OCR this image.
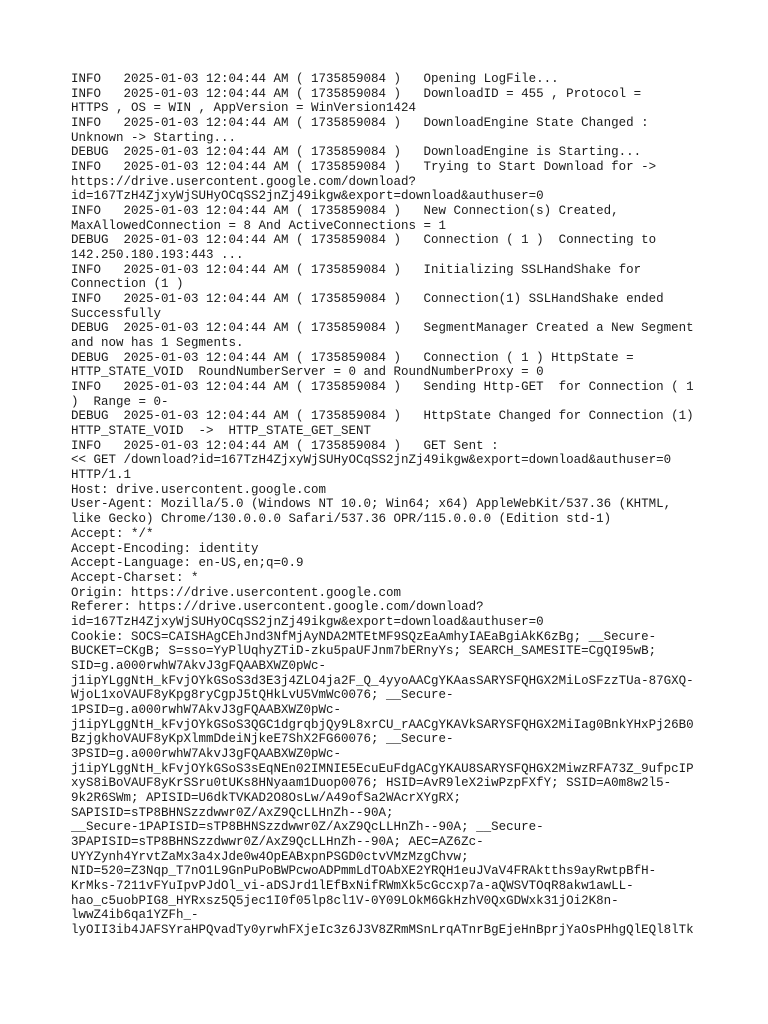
INFO   2025-01-03 12:04:44 AM ( 1735859084 )   Opening LogFile...
INFO   2025-01-03 12:04:44 AM ( 1735859084 )   DownloadID = 455 , Protocol =
HTTPS , OS = WIN , AppVersion = WinVersion1424
INFO   2025-01-03 12:04:44 AM ( 1735859084 )   DownloadEngine State Changed :
Unknown -> Starting...
DEBUG  2025-01-03 12:04:44 AM ( 1735859084 )   DownloadEngine is Starting...
INFO   2025-01-03 12:04:44 AM ( 1735859084 )   Trying to Start Download for ->
https://drive.usercontent.google.com/download?
id=167TzH4ZjxyWjSUHyOCqSS2jnZj49ikgw&export=download&authuser=0
INFO   2025-01-03 12:04:44 AM ( 1735859084 )   New Connection(s) Created,
MaxAllowedConnection = 8 And ActiveConnections = 1
DEBUG  2025-01-03 12:04:44 AM ( 1735859084 )   Connection ( 1 )  Connecting to
142.250.180.193:443 ...
INFO   2025-01-03 12:04:44 AM ( 1735859084 )   Initializing SSLHandShake for
Connection (1 )
INFO   2025-01-03 12:04:44 AM ( 1735859084 )   Connection(1) SSLHandShake ended
Successfully
DEBUG  2025-01-03 12:04:44 AM ( 1735859084 )   SegmentManager Created a New Segment
and now has 1 Segments.
DEBUG  2025-01-03 12:04:44 AM ( 1735859084 )   Connection ( 1 ) HttpState =
HTTP_STATE_VOID  RoundNumberServer = 0 and RoundNumberProxy = 0
INFO   2025-01-03 12:04:44 AM ( 1735859084 )   Sending Http-GET  for Connection ( 1
)  Range = 0-
DEBUG  2025-01-03 12:04:44 AM ( 1735859084 )   HttpState Changed for Connection (1)
HTTP_STATE_VOID  ->  HTTP_STATE_GET_SENT
INFO   2025-01-03 12:04:44 AM ( 1735859084 )   GET Sent :
<< GET /download?id=167TzH4ZjxyWjSUHyOCqSS2jnZj49ikgw&export=download&authuser=0
HTTP/1.1
Host: drive.usercontent.google.com
User-Agent: Mozilla/5.0 (Windows NT 10.0; Win64; x64) AppleWebKit/537.36 (KHTML,
like Gecko) Chrome/130.0.0.0 Safari/537.36 OPR/115.0.0.0 (Edition std-1)
Accept: */*
Accept-Encoding: identity
Accept-Language: en-US,en;q=0.9
Accept-Charset: *
Origin: https://drive.usercontent.google.com
Referer: https://drive.usercontent.google.com/download?
id=167TzH4ZjxyWjSUHyOCqSS2jnZj49ikgw&export=download&authuser=0
Cookie: SOCS=CAISHAgCEhJnd3NfMjAyNDA2MTEtMF9SQzEaAmhyIAEaBgiAkK6zBg; __Secure-
BUCKET=CKgB; S=sso=YyPlUqhyZTiD-zku5paUFJnm7bERnyYs; SEARCH_SAMESITE=CgQI95wB;
SID=g.a000rwhW7AkvJ3gFQAABXWZ0pWc-
j1ipYLggNtH_kFvjOYkGSoS3d3E3j4ZLO4ja2F_Q_4yyoAACgYKAasSARYSFQHGX2MiLoSFzzTUa-87GXQ-
WjoL1xoVAUF8yKpg8ryCgpJ5tQHkLvU5VmWc0076; __Secure-
1PSID=g.a000rwhW7AkvJ3gFQAABXWZ0pWc-
j1ipYLggNtH_kFvjOYkGSoS3QGC1dgrqbjQy9L8xrCU_rAACgYKAVkSARYSFQHGX2MiIag0BnkYHxPj26B0
BzjgkhoVAUF8yKpXlmmDdeiNjkeE7ShX2FG60076; __Secure-
3PSID=g.a000rwhW7AkvJ3gFQAABXWZ0pWc-
j1ipYLggNtH_kFvjOYkGSoS3sEqNEn02IMNIE5EcuEuFdgACgYKAU8SARYSFQHGX2MiwzRFA73Z_9ufpcIP
xyS8iBoVAUF8yKrSSru0tUKs8HNyaam1Duop0076; HSID=AvR9leX2iwPzpFXfY; SSID=A0m8w2l5-
9k2R6SWm; APISID=U6dkTVKAD2O8OsLw/A49ofSa2WAcrXYgRX;
SAPISID=sTP8BHNSzzdwwr0Z/AxZ9QcLLHnZh--90A;
__Secure-1PAPISID=sTP8BHNSzzdwwr0Z/AxZ9QcLLHnZh--90A; __Secure-
3PAPISID=sTP8BHNSzzdwwr0Z/AxZ9QcLLHnZh--90A; AEC=AZ6Zc-
UYYZynh4YrvtZaMx3a4xJde0w4OpEABxpnPSGD0ctvVMzMzgChvw;
NID=520=Z3Nqp_T7nO1L9GnPuPoBWPcwoADPmmLdTOAbXE2YRQH1euJVaV4FRAktths9ayRwtpBfH-
KrMks-7211vFYuIpvPJdOl_vi-aDSJrd1lEfBxNifRWmXk5cGccxp7a-aQWSVTOqR8akw1awLL-
hao_c5uobPIG8_HYRxsz5Q5jec1I0f05lp8cl1V-0Y09LOkM6GkHzhV0QxGDWxk31jOi2K8n-
lwwZ4ib6qa1YZFh_-
lyOII3ib4JAFSYraHPQvadTy0yrwhFXjeIc3z6J3V8ZRmMSnLrqATnrBgEjeHnBprjYaOsPHhgQlEQl8lTk
